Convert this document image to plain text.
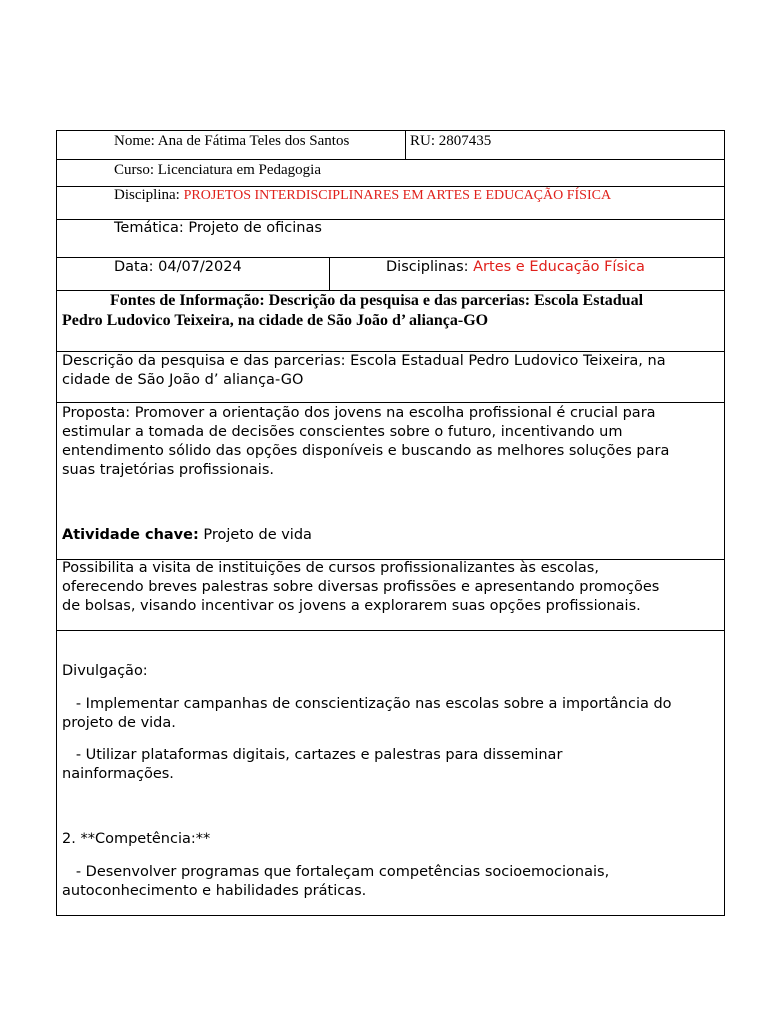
Nome: Ana de Fátima Teles dos Santos	RU: 2807435
Curso: Licenciatura em Pedagogia
Disciplina: PROJETOS INTERDISCIPLINARES EM ARTES E EDUCAÇÃO FÍSICA
Temática: Projeto de oficinas
Data: 04/07/2024	Disciplinas: Artes e Educação Física
Fontes de Informação: Descrição da pesquisa e das parcerias: Escola Estadual
Pedro Ludovico Teixeira, na cidade de São João d’ aliança-GO
Descrição da pesquisa e das parcerias: Escola Estadual Pedro Ludovico Teixeira, na
cidade de São João d’ aliança-GO
Proposta: Promover a orientação dos jovens na escolha profissional é crucial para
estimular a tomada de decisões conscientes sobre o futuro, incentivando um
entendimento sólido das opções disponíveis e buscando as melhores soluções para
suas trajetórias profissionais.
Atividade chave: Projeto de vida
Possibilita a visita de instituições de cursos profissionalizantes às escolas,
oferecendo breves palestras sobre diversas profissões e apresentando promoções
de bolsas, visando incentivar os jovens a explorarem suas opções profissionais.
Divulgação:
- Implementar campanhas de conscientização nas escolas sobre a importância do
projeto de vida.
- Utilizar plataformas digitais, cartazes e palestras para disseminar
nainformações.
2. **Competência:**
- Desenvolver programas que fortaleçam competências socioemocionais,
autoconhecimento e habilidades práticas.
